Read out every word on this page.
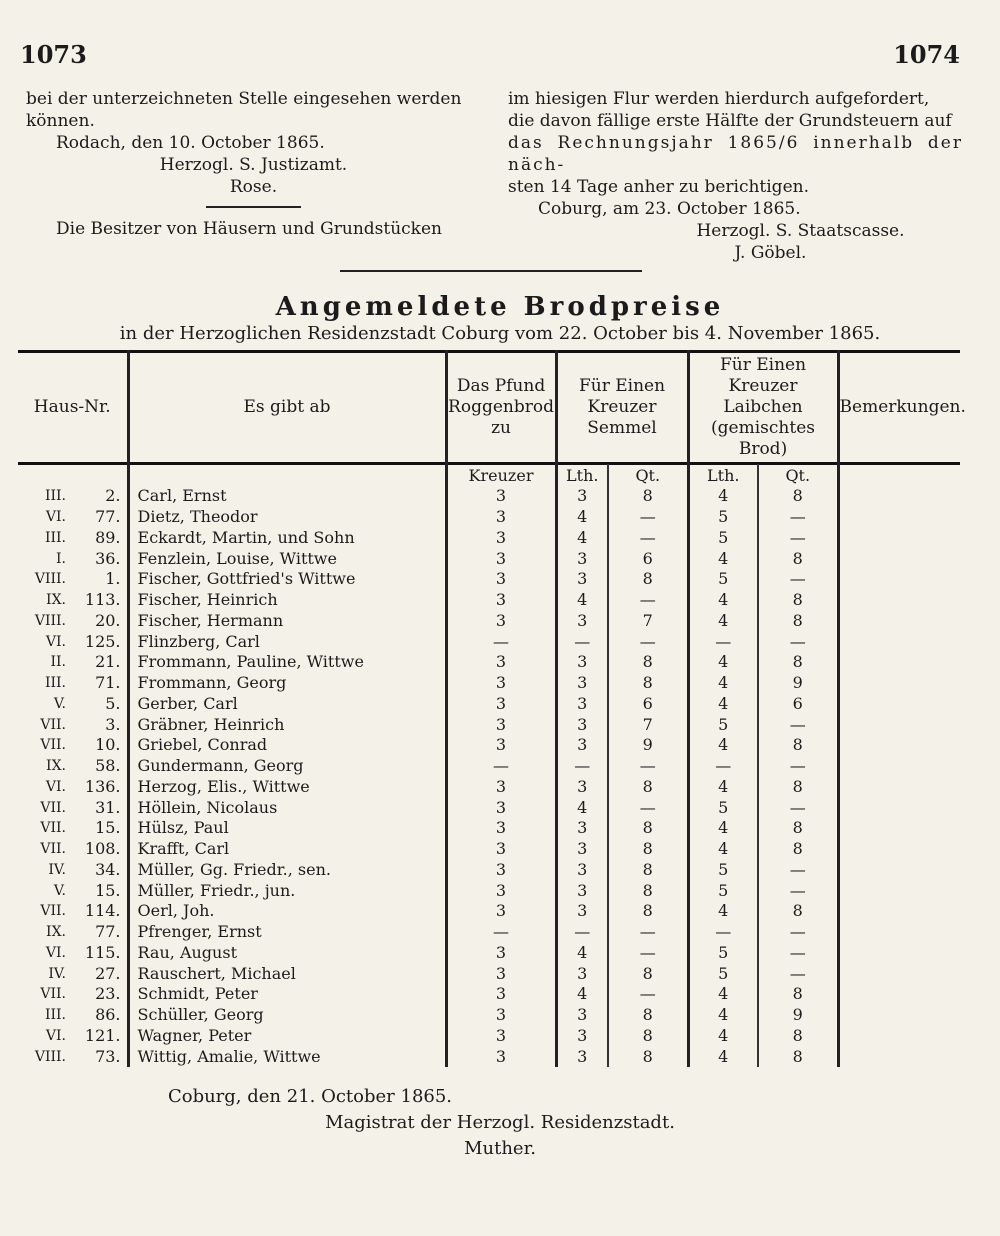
1073	1074

bei der unterzeichneten Stelle eingesehen werden

können.

Rodach, den 10. October 1865.

Herzogl. S. Justizamt.

Rose.

Die Besitzer von Häusern und Grundstücken

im hiesigen Flur werden hierdurch aufgefordert,

die davon fällige erste Hälfte der Grundsteuern auf

das Rechnungsjahr 1865/6 innerhalb der näch-

sten 14 Tage anher zu berichtigen.

Coburg, am 23. October 1865.

Herzogl. S. Staatscasse.

J. Göbel.

Angemeldete Brodpreise
in der Herzoglichen Residenzstadt Coburg vom 22. October bis 4. November 1865.
Haus-Nr.		Es gibt ab	Das Pfund Roggenbrod zu	Für Einen Kreuzer Semmel		Für Einen Kreuzer Laibchen (gemischtes Brod)		Bemerkungen.
			Kreuzer	Lth.	Qt.	Lth.	Qt.	
III.	2.	Carl, Ernst	3	3	8	4	8	
VI.	77.	Dietz, Theodor	3	4	—	5	—	
III.	89.	Eckardt, Martin, und Sohn	3	4	—	5	—	
I.	36.	Fenzlein, Louise, Wittwe	3	3	6	4	8	
VIII.	1.	Fischer, Gottfried's Wittwe	3	3	8	5	—	
IX.	113.	Fischer, Heinrich	3	4	—	4	8	
VIII.	20.	Fischer, Hermann	3	3	7	4	8	
VI.	125.	Flinzberg, Carl	—	—	—	—	—	
II.	21.	Frommann, Pauline, Wittwe	3	3	8	4	8	
III.	71.	Frommann, Georg	3	3	8	4	9	
V.	5.	Gerber, Carl	3	3	6	4	6	
VII.	3.	Gräbner, Heinrich	3	3	7	5	—	
VII.	10.	Griebel, Conrad	3	3	9	4	8	
IX.	58.	Gundermann, Georg	—	—	—	—	—	
VI.	136.	Herzog, Elis., Wittwe	3	3	8	4	8	
VII.	31.	Höllein, Nicolaus	3	4	—	5	—	
VII.	15.	Hülsz, Paul	3	3	8	4	8	
VII.	108.	Krafft, Carl	3	3	8	4	8	
IV.	34.	Müller, Gg. Friedr., sen.	3	3	8	5	—	
V.	15.	Müller, Friedr., jun.	3	3	8	5	—	
VII.	114.	Oerl, Joh.	3	3	8	4	8	
IX.	77.	Pfrenger, Ernst	—	—	—	—	—	
VI.	115.	Rau, August	3	4	—	5	—	
IV.	27.	Rauschert, Michael	3	3	8	5	—	
VII.	23.	Schmidt, Peter	3	4	—	4	8	
III.	86.	Schüller, Georg	3	3	8	4	9	
VI.	121.	Wagner, Peter	3	3	8	4	8	
VIII.	73.	Wittig, Amalie, Wittwe	3	3	8	4	8	
Coburg, den 21. October 1865.
Magistrat der Herzogl. Residenzstadt.
Muther.
